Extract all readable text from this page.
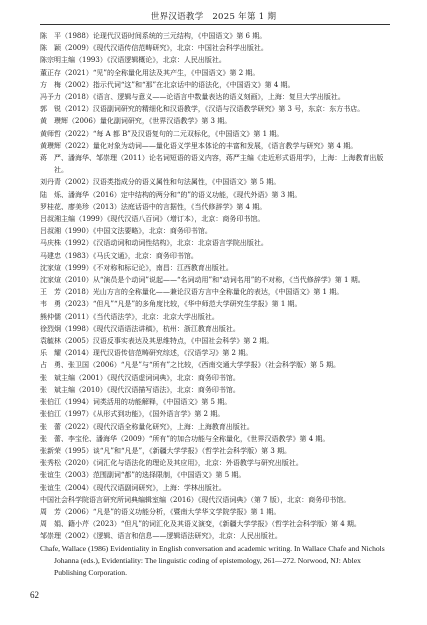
世界汉语教学　2025 年第 1 期
陈　平（1988）论现代汉语时间系统的三元结构，《中国语文》第 6 期。
陈　颖（2009）《现代汉语传信范畴研究》，北京：中国社会科学出版社。
陈宗明主编（1993）《汉语逻辑概论》，北京：人民出版社。
董正存（2021）“见”的全称量化用法及其产生，《中国语文》第 2 期。
方　梅（2002）指示代词“这”和“那”在北京话中的语法化，《中国语文》第 4 期。
冯予力（2018）《语言、逻辑与意义——论语言中数量表达的语义刻画》，上海：复旦大学出版社。
郭　锐（2012）汉语副词研究的精细化和汉语教学，《汉语与汉语教学研究》第 3 号，东京：东方书店。
黄　瓒辉（2006）量化副词研究，《世界汉语教学》第 3 期。
黄师哲（2022）“每 A 都 B”及汉语复句的二元双标化，《中国语文》第 1 期。
黄瓒辉（2022）量化对象为动词——量化语义学里本体论的丰富和发展，《语言教学与研究》第 4 期。
蒋　严、潘海华、邹崇理（2011）论名词短语的语义内容，蒋严主编《走近形式语用学》，上海：上海教育出版社。
刘丹青（2002）汉语类指成分的语义属性和句法属性，《中国语文》第 5 期。
陆　烁、潘海华（2016）定中结构的两分和“的”的语义功能，《现代外语》第 3 期。
罗桂花、廖美珍（2013）法庭话语中的言据性，《当代修辞学》第 4 期。
吕叔湘主编（1999）《现代汉语八百词》（增订本），北京：商务印书馆。
吕叔湘（1990）《中国文法要略》，北京：商务印书馆。
马庆株（1992）《汉语动词和动词性结构》，北京：北京语言学院出版社。
马建忠（1983）《马氏文通》，北京：商务印书馆。
沈家煊（1999）《不对称和标记论》，南昌：江西教育出版社。
沈家煊（2010）从“演员是个动词”说起——“名词动用”和“动词名用”的不对称，《当代修辞学》第 1 期。
王　芳（2018）光山方言的全称量化——兼论汉语方言中全称量化的表达，《中国语文》第 1 期。
韦　勇（2023）“但凡”“凡是”的多角度比较，《华中师范大学研究生学报》第 1 期。
熊仲儒（2011）《当代语法学》，北京：北京大学出版社。
徐烈炯（1998）《现代汉语语法讲稿》，杭州：浙江教育出版社。
袁毓林（2005）汉语反事实表达及其思维特点，《中国社会科学》第 2 期。
乐　耀（2014）现代汉语传信范畴研究综述，《汉语学习》第 2 期。
占　勇、张卫国（2006）“凡是”与“所有”之比较，《西南交通大学学报》（社会科学版）第 5 期。
张　斌主编（2001）《现代汉语虚词词典》，北京：商务印书馆。
张　斌主编（2010）《现代汉语描写语法》，北京：商务印书馆。
张伯江（1994）词类活用的功能解释，《中国语文》第 5 期。
张伯江（1997）《从形式到功能》，《国外语言学》第 2 期。
张　蕾（2022）《现代汉语全称量化研究》，上海：上海教育出版社。
张　蕾、李宝伦、潘海华（2009）“所有”的加合功能与全称量化，《世界汉语教学》第 4 期。
张新荣（1995）谈“凡”和“凡是”，《新疆大学学报》（哲学社会科学版）第 3 期。
张秀松（2020）《词汇化与语法化的理论及其应用》，北京：外语教学与研究出版社。
张谊生（2003）范围副词“都”的选择限制，《中国语文》第 5 期。
张谊生（2004）《现代汉语副词研究》，上海：学林出版社。
中国社会科学院语言研究所词典编辑室编（2016）《现代汉语词典》（第 7 版），北京：商务印书馆。
周　芳（2006）“凡是”的语义功能分析，《暨南大学华文学院学报》第 1 期。
周　娟、籍小芹（2023）“但凡”的词汇化及其语义演变，《新疆大学学报》（哲学社会科学版）第 4 期。
邹崇理（2002）《逻辑、语言和信息——逻辑语法研究》，北京：人民出版社。
Chafe, Wallace (1986) Evidentiality in English conversation and academic writing. In Wallace Chafe and Nichols Johanna (eds.), Evidentiality: The linguistic coding of epistemology, 261—272. Norwood, NJ: Ablex Publishing Corporation.
62
